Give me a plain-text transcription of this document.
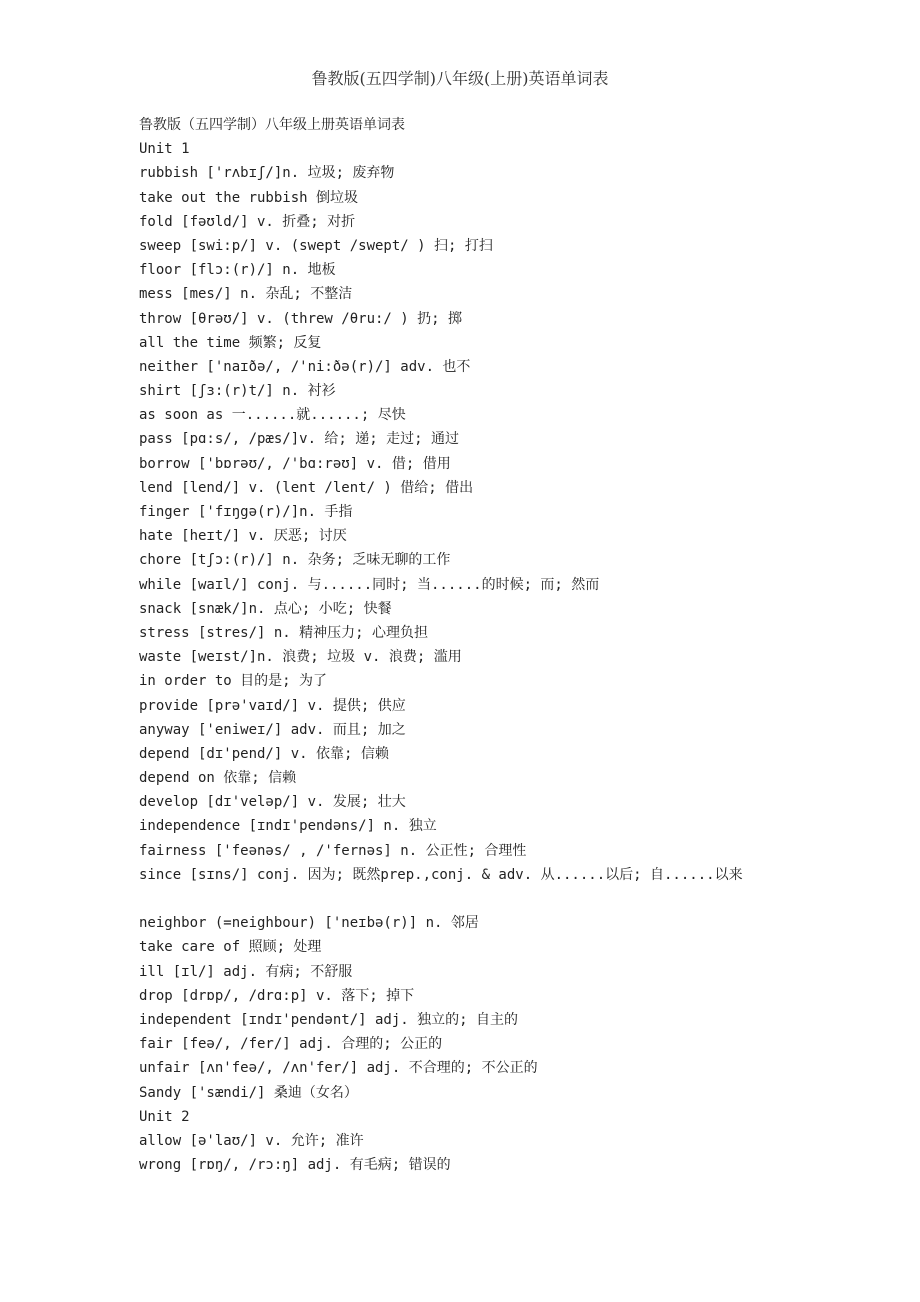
鲁教版(五四学制)八年级(上册)英语单词表
鲁教版（五四学制）八年级上册英语单词表
Unit 1
rubbish ['rʌbɪʃ/]n. 垃圾; 废弃物
take out the rubbish 倒垃圾
fold [fəʊld/] v. 折叠; 对折
sweep [swi:p/] v. (swept /swept/ ) 扫; 打扫
floor [flɔ:(r)/] n. 地板
mess [mes/] n. 杂乱; 不整洁
throw [θrəʊ/] v. (threw /θru:/ ) 扔; 掷
all the time 频繁; 反复
neither ['naɪðə/, /'ni:ðə(r)/] adv. 也不
shirt [ʃɜ:(r)t/] n. 衬衫
as soon as 一......就......; 尽快
pass [pɑ:s/, /pæs/]v. 给; 递; 走过; 通过
borrow ['bɒrəʊ/, /'bɑ:rəʊ] v. 借; 借用
lend [lend/] v. (lent /lent/ ) 借给; 借出
finger ['fɪŋgə(r)/]n. 手指
hate [heɪt/] v. 厌恶; 讨厌
chore [tʃɔ:(r)/] n. 杂务; 乏味无聊的工作
while [waɪl/] conj. 与......同时; 当......的时候; 而; 然而
snack [snæk/]n. 点心; 小吃; 快餐
stress [stres/] n. 精神压力; 心理负担
waste [weɪst/]n. 浪费; 垃圾 v. 浪费; 滥用
in order to 目的是; 为了
provide [prə'vaɪd/] v. 提供; 供应
anyway ['eniweɪ/] adv. 而且; 加之
depend [dɪ'pend/] v. 依靠; 信赖
depend on 依靠; 信赖
develop [dɪ'veləp/] v. 发展; 壮大
independence [ɪndɪ'pendəns/] n. 独立
fairness ['feənəs/ , /'fernəs] n. 公正性; 合理性
since [sɪns/] conj. 因为; 既然prep.,conj. & adv. 从......以后; 自......以来
neighbor (=neighbour) ['neɪbə(r)] n. 邻居
take care of 照顾; 处理
ill [ɪl/] adj. 有病; 不舒服
drop [drɒp/, /drɑ:p] v. 落下; 掉下
independent [ɪndɪ'pendənt/] adj. 独立的; 自主的
fair [feə/, /fer/] adj. 合理的; 公正的
unfair [ʌn'feə/, /ʌn'fer/] adj. 不合理的; 不公正的
Sandy ['sændi/] 桑迪（女名）
Unit 2
allow [ə'laʊ/] v. 允许; 准许
wrong [rɒŋ/, /rɔ:ŋ] adj. 有毛病; 错误的
